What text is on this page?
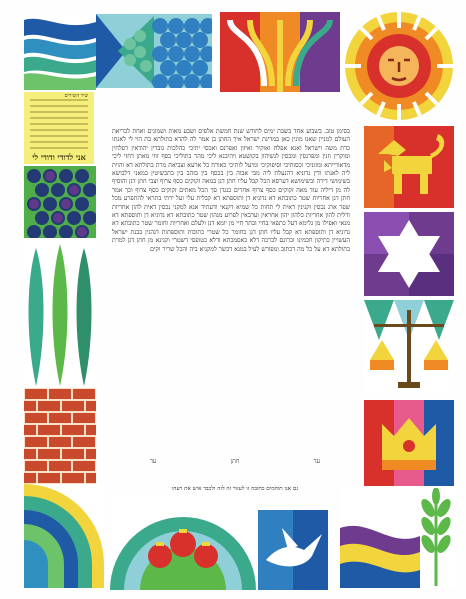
שיר השירים
אני לדודי ודודי לי
בסימן טוב. בשבוע אחד בשבת ימים לחודש שנת חמשת אלפים ושבע מאות ושמונים ואחת לבריאת העולם למניין שאנו מונין כאן במדינת ישראל איך החתן בן אמר לה להדא בתולתא בת הוי לי לאנתו כדת משה וישראל ואנא אפלח ואוקיר ואיזון ואפרנס ואכסי יתיכי כהלכות גוברין יהודאין דפלחין ומוקרין וזנין ומפרנסין ומכסין לנשיהון בקושטא ויהיבנא ליכי מהר בתוליכי כסף זוזי מאתן דחזי ליכי מדאורייתא ומזוניכי וכסותיכי וסיפוקיכי ומיעל לותיכי כאורח כל ארעא וצביאת מרת בתולתא דא והוית ליה לאנתו ודין נדוניא דהנעלת ליה מבי אבוה בין בכסף בין בזהב בין בתכשיטין במאני דלבושא בשימושי דירה ובשימושא דערסא הכל קבל עליו חתן דנן במאה זקוקים כסף צרוף וצבי חתן דנן והוסיף לה מן דיליה עוד מאה זקוקים כסף צרוף אחרים כנגדן סך הכל מאתים זקוקים כסף צרוף וכך אמר חתן דנן אחריות שטר כתובתא דא נדוניא דן ותוספתא דא קבלית עלי ועל ירתי בתראי להתפרע מכל שפר ארג נכסין וקנינין דאית לי תחות כל שמיא דקנאי ודעתיד אנא למקני נכסין דאית להון אחריות ודלית להון אחריות כלהון יהון אחראין וערבאין לפרוע מנהון שטר כתובתא דא נדוניא דן ותוספתא דא מנאי ואפילו מן גלימא דעל כתפאי בחיי ובתר חיי מן יומא דנן ולעלם ואחריות וחומר שטר כתובתא דא נדוניא דן ותוספתא דא קבל עליו חתן דנן כחומר כל שטרי כתובות ותוספתות דנהגין בבנת ישראל העשויין כתיקון חכמינו זכרונם לברכה דלא כאסמכתא ודלא כטופסי דשטרי וקנינא מן חתן דנן למרת בתולתא דא על כל מה דכתוב ומפורש לעיל במנא דכשר למקניא ביה והכל שריר וקים
עד
חתן
עד
גם אנו תוחמים כתובה זו לעזור זה לזה ולכבד איש את רעהו
